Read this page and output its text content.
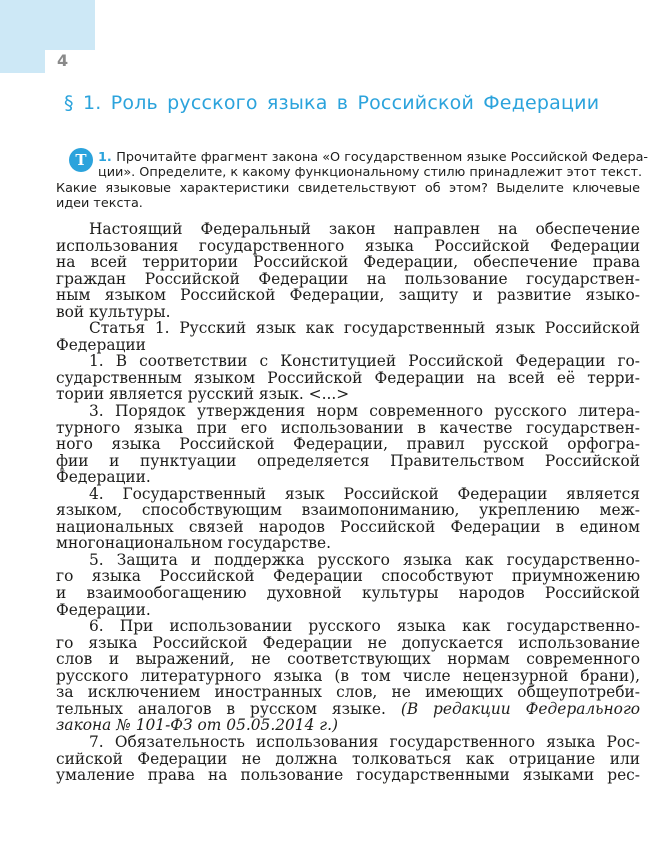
4
§ 1. Роль русского языка в Российской Федерации
Т 1. Прочитайте фрагмент закона «О государственном языке Российской Федера-
ции». Определите, к какому функциональному стилю принадлежит этот текст.
Какие языковые характеристики свидетельствуют об этом? Выделите ключевые
идеи текста.
Настоящий Федеральный закон направлен на обеспечение
использования государственного языка Российской Федерации
на всей территории Российской Федерации, обеспечение права
граждан Российской Федерации на пользование государствен-
ным языком Российской Федерации, защиту и развитие языко-
вой культуры.
Статья 1. Русский язык как государственный язык Российской
Федерации
1. В соответствии с Конституцией Российской Федерации го-
сударственным языком Российской Федерации на всей её терри-
тории является русский язык. <...>
3. Порядок утверждения норм современного русского литера-
турного языка при его использовании в качестве государствен-
ного языка Российской Федерации, правил русской орфогра-
фии и пунктуации определяется Правительством Российской
Федерации.
4. Государственный язык Российской Федерации является
языком, способствующим взаимопониманию, укреплению меж-
национальных связей народов Российской Федерации в едином
многонациональном государстве.
5. Защита и поддержка русского языка как государственно-
го языка Российской Федерации способствуют приумножению
и взаимообогащению духовной культуры народов Российской
Федерации.
6. При использовании русского языка как государственно-
го языка Российской Федерации не допускается использование
слов и выражений, не соответствующих нормам современного
русского литературного языка (в том числе нецензурной брани),
за исключением иностранных слов, не имеющих общеупотреби-
тельных аналогов в русском языке. (В редакции Федерального
закона № 101-ФЗ от 05.05.2014 г.)
7. Обязательность использования государственного языка Рос-
сийской Федерации не должна толковаться как отрицание или
умаление права на пользование государственными языками рес-
